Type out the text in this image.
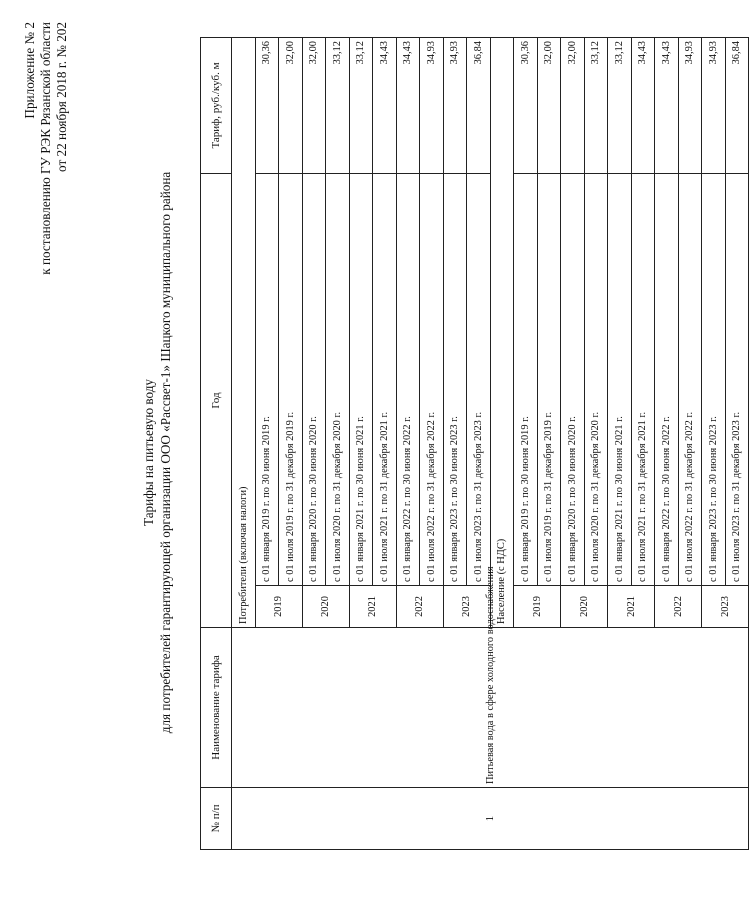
Приложение № 2 к постановлению ГУ РЭК Рязанской области от 22 ноября 2018 г. № 202
Тарифы на питьевую воду для потребителей гарантирующей организации ООО «Рассвет-1» Шацкого муниципального района
№ п/п	Наименование тарифа	Год		Тариф, руб./куб. м
1	Питьевая вода в сфере холодного водоснабжения	Потребители (включая налоги)		
		2019	с 01 января 2019 г. по 30 июня 2019 г.	30,36
			с 01 июля 2019 г. по 31 декабря 2019 г.	32,00
		2020	с 01 января 2020 г. по 30 июня 2020 г.	32,00
			с 01 июля 2020 г. по 31 декабря 2020 г.	33,12
		2021	с 01 января 2021 г. по 30 июня 2021 г.	33,12
			с 01 июля 2021 г. по 31 декабря 2021 г.	34,43
		2022	с 01 января 2022 г. по 30 июня 2022 г.	34,43
			с 01 июля 2022 г. по 31 декабря 2022 г.	34,93
		2023	с 01 января 2023 г. по 30 июня 2023 г.	34,93
			с 01 июля 2023 г. по 31 декабря 2023 г.	36,84
		Население (с НДС)		
		2019	с 01 января 2019 г. по 30 июня 2019 г.	30,36
			с 01 июля 2019 г. по 31 декабря 2019 г.	32,00
		2020	с 01 января 2020 г. по 30 июня 2020 г.	32,00
			с 01 июля 2020 г. по 31 декабря 2020 г.	33,12
		2021	с 01 января 2021 г. по 30 июня 2021 г.	33,12
			с 01 июля 2021 г. по 31 декабря 2021 г.	34,43
		2022	с 01 января 2022 г. по 30 июня 2022 г.	34,43
			с 01 июля 2022 г. по 31 декабря 2022 г.	34,93
		2023	с 01 января 2023 г. по 30 июня 2023 г.	34,93
			с 01 июля 2023 г. по 31 декабря 2023 г.	36,84
